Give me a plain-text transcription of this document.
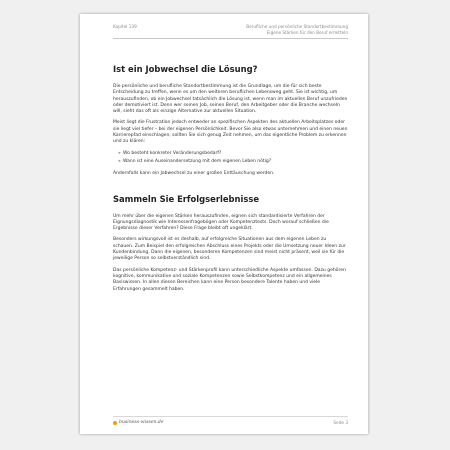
Kapitel 139	Berufliche und persönliche Standortbestimmung
Eigene Stärken für den Beruf ermitteln
Ist ein Jobwechsel die Lösung?

Die persönliche und berufliche Standortbestimmung ist die Grundlage, um die für sich beste Entscheidung zu treffen, wenn es um den weiteren beruflichen Lebensweg geht. Sie ist wichtig, um herauszufinden, ob ein Jobwechsel tatsächlich die Lösung ist, wenn man im aktuellen Beruf unzufrieden oder demotiviert ist. Denn wer seinen Job, seinen Beruf, den Arbeitgeber oder die Branche wechseln will, sieht das oft als einzige Alternative zur aktuellen Situation.

Meist liegt die Frustration jedoch entweder an spezifischen Aspekten des aktuellen Arbeitsplatzes oder sie liegt viel tiefer – bei der eigenen Persönlichkeit. Bevor Sie also etwas unternehmen und einen neuen Karrierepfad einschlagen, sollten Sie sich genug Zeit nehmen, um das eigentliche Problem zu erkennen und zu klären:

» Wo besteht konkreter Veränderungsbedarf?
» Wann ist eine Auseinandersetzung mit dem eigenen Leben nötig?

Andernfalls kann ein Jobwechsel zu einer großen Enttäuschung werden.

Sammeln Sie Erfolgserlebnisse

Um mehr über die eigenen Stärken herauszufinden, eignen sich standardisierte Verfahren der Eignungsdiagnostik wie Interessenfragebögen oder Kompetenztests. Doch worauf schließen die Ergebnisse dieser Verfahren? Diese Frage bleibt oft ungeklärt.

Besonders wirkungsvoll ist es deshalb, auf erfolgreiche Situationen aus dem eigenen Leben zu schauen. Zum Beispiel den erfolgreichen Abschluss eines Projekts oder die Umsetzung neuer Ideen zur Kundenbindung. Dann die eigenen, besonderen Kompetenzen sind meist nicht präsent, weil sie für die jeweilige Person so selbstverständlich sind.

Das persönliche Kompetenz- und Stärkenprofil kann unterschiedliche Aspekte umfassen. Dazu gehören kognitive, kommunikative und soziale Kompetenzen sowie Selbstkompetenz und ein allgemeines Basiswissen. In allen diesen Bereichen kann eine Person besondere Talente haben und viele Erfahrungen gesammelt haben.

business-wissen.de	Seite 3
